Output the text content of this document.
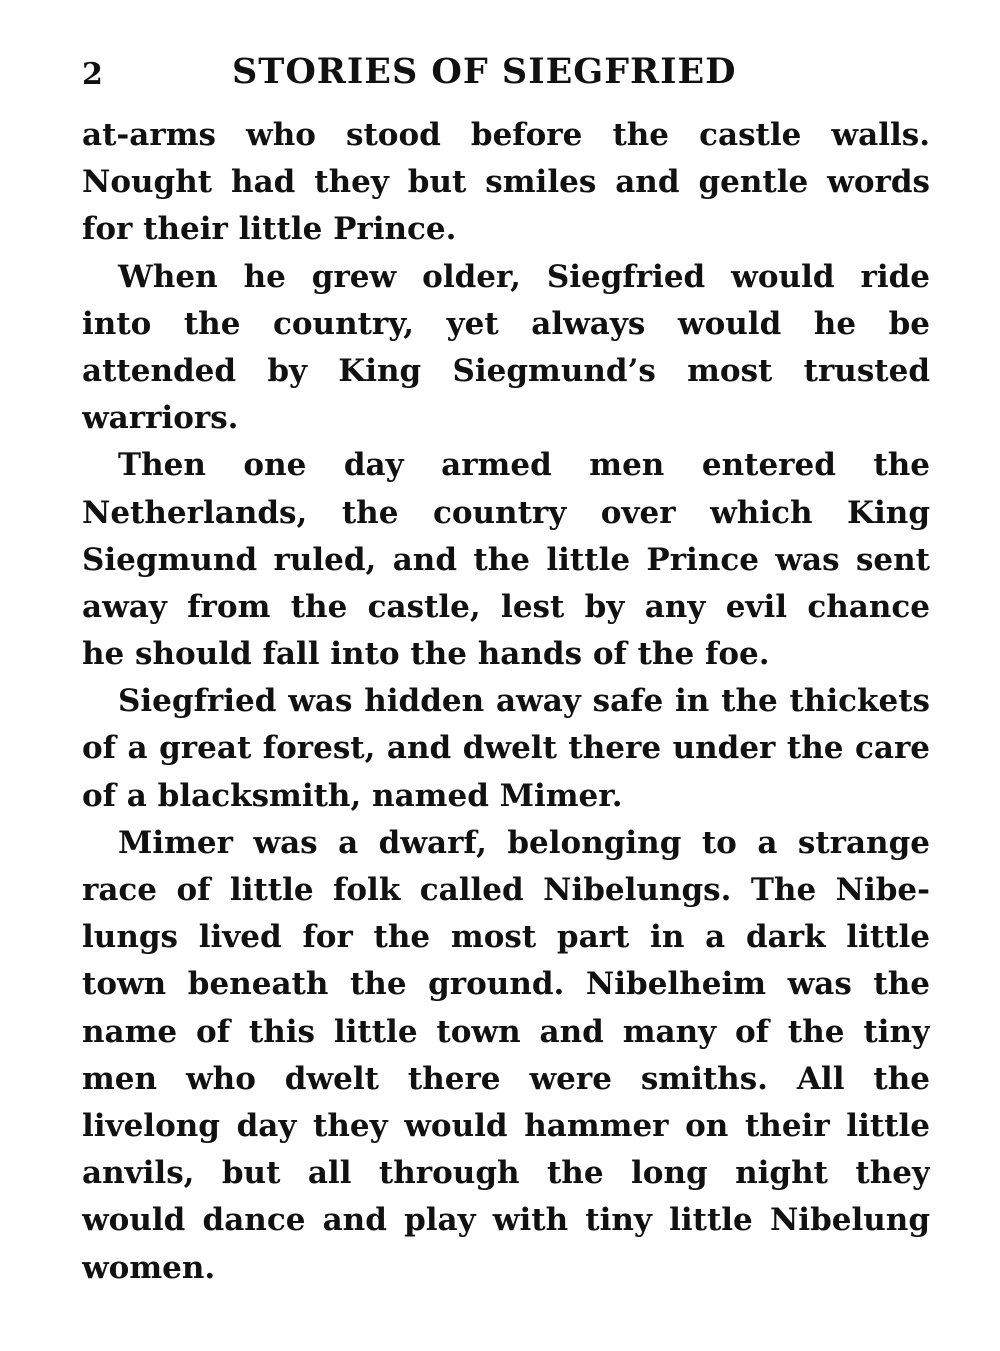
2	STORIES OF SIEGFRIED
at-arms who stood before the castle walls.
Nought had they but smiles and gentle words
for their little Prince.
When he grew older, Siegfried would ride
into the country, yet always would he be
attended by King Siegmund’s most trusted
warriors.
Then one day armed men entered the
Netherlands, the country over which King
Siegmund ruled, and the little Prince was sent
away from the castle, lest by any evil chance
he should fall into the hands of the foe.
Siegfried was hidden away safe in the thickets
of a great forest, and dwelt there under the care
of a blacksmith, named Mimer.
Mimer was a dwarf, belonging to a strange
race of little folk called Nibelungs. The Nibe-
lungs lived for the most part in a dark little
town beneath the ground. Nibelheim was the
name of this little town and many of the tiny
men who dwelt there were smiths. All the
livelong day they would hammer on their little
anvils, but all through the long night they
would dance and play with tiny little Nibelung
women.
